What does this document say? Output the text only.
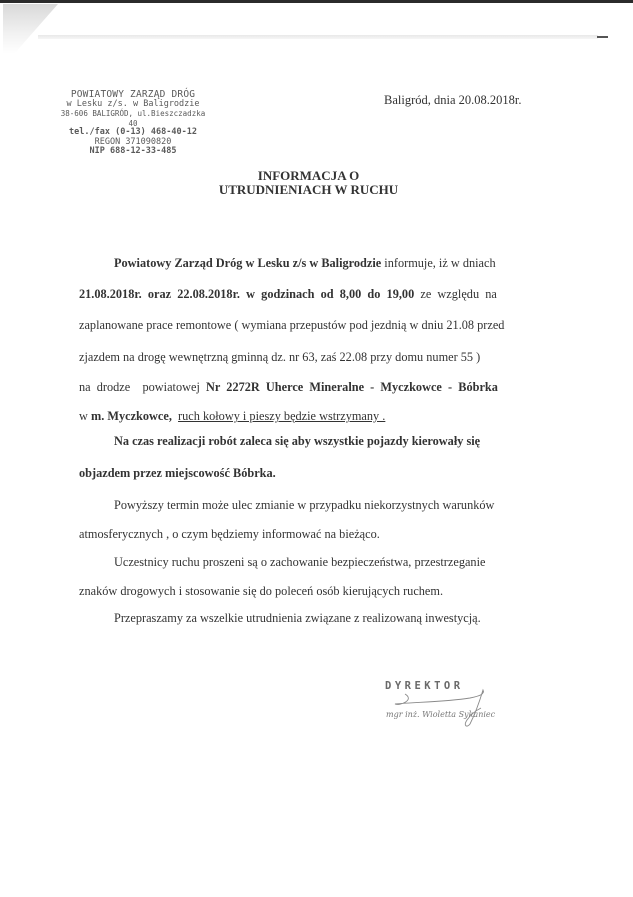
POWIATOWY ZARZĄD DRÓG
w Lesku z/s. w Baligrodzie
38-606 BALIGRÓD, ul.Bieszczadzka 40
tel./fax (0-13) 468-40-12
REGON 371090820
NIP 688-12-33-485
Baligród, dnia 20.08.2018r.
INFORMACJA O
UTRUDNIENIACH W RUCHU
Powiatowy Zarząd Dróg w Lesku z/s w Baligrodzie informuje, iż w dniach
21.08.2018r.  oraz  22.08.2018r.  w  godzinach  od  8,00  do  19,00  ze  względu  na
zaplanowane prace remontowe ( wymiana przepustów pod jezdnią w dniu 21.08 przed
zjazdem na drogę wewnętrzną gminną dz. nr 63, zaś 22.08 przy domu numer 55 )
na  drodze    powiatowej  Nr  2272R  Uherce  Mineralne  -  Myczkowce  -  Bóbrka
w m. Myczkowce, ruch kołowy i pieszy będzie wstrzymany .
Na czas realizacji robót zaleca się aby wszystkie pojazdy kierowały się
objazdem przez miejscowość Bóbrka.
Powyższy termin może ulec zmianie w przypadku niekorzystnych warunków
atmosferycznych , o czym będziemy informować na bieżąco.
Uczestnicy ruchu proszeni są o zachowanie bezpieczeństwa, przestrzeganie
znaków drogowych i stosowanie się do poleceń osób kierujących ruchem.
Przepraszamy za wszelkie utrudnienia związane z realizowaną inwestycją.
DYREKTOR
mgr inż. Wioletta Sykaniec
